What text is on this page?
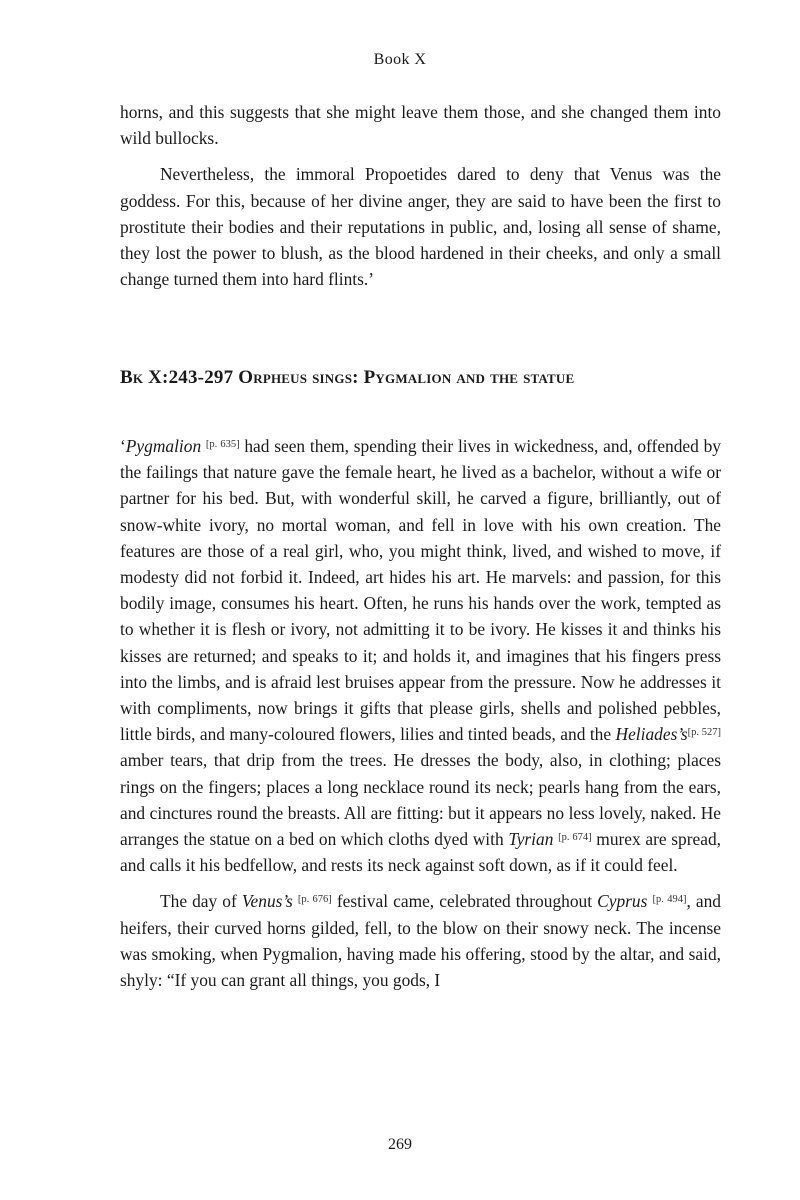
Book X

horns, and this suggests that she might leave them those, and she changed them into wild bullocks.

Nevertheless, the immoral Propoetides dared to deny that Venus was the goddess. For this, because of her divine anger, they are said to have been the first to prostitute their bodies and their reputations in public, and, losing all sense of shame, they lost the power to blush, as the blood hardened in their cheeks, and only a small change turned them into hard flints.’

Bk X:243-297 Orpheus sings: Pygmalion and the statue

‘Pygmalion [p. 635] had seen them, spending their lives in wickedness, and, offended by the failings that nature gave the female heart, he lived as a bachelor, without a wife or partner for his bed. But, with wonderful skill, he carved a figure, brilliantly, out of snow-white ivory, no mortal woman, and fell in love with his own creation. The features are those of a real girl, who, you might think, lived, and wished to move, if modesty did not forbid it. Indeed, art hides his art. He marvels: and passion, for this bodily image, consumes his heart. Often, he runs his hands over the work, tempted as to whether it is flesh or ivory, not admitting it to be ivory. He kisses it and thinks his kisses are returned; and speaks to it; and holds it, and imagines that his fingers press into the limbs, and is afraid lest bruises appear from the pressure. Now he addresses it with compliments, now brings it gifts that please girls, shells and polished pebbles, little birds, and many-coloured flowers, lilies and tinted beads, and the Heliades’s[p. 527] amber tears, that drip from the trees. He dresses the body, also, in clothing; places rings on the fingers; places a long necklace round its neck; pearls hang from the ears, and cinctures round the breasts. All are fitting: but it appears no less lovely, naked. He arranges the statue on a bed on which cloths dyed with Tyrian [p. 674] murex are spread, and calls it his bedfellow, and rests its neck against soft down, as if it could feel.

The day of Venus’s [p. 676] festival came, celebrated throughout Cyprus [p. 494], and heifers, their curved horns gilded, fell, to the blow on their snowy neck. The incense was smoking, when Pygmalion, having made his offering, stood by the altar, and said, shyly: “If you can grant all things, you gods, I

269
